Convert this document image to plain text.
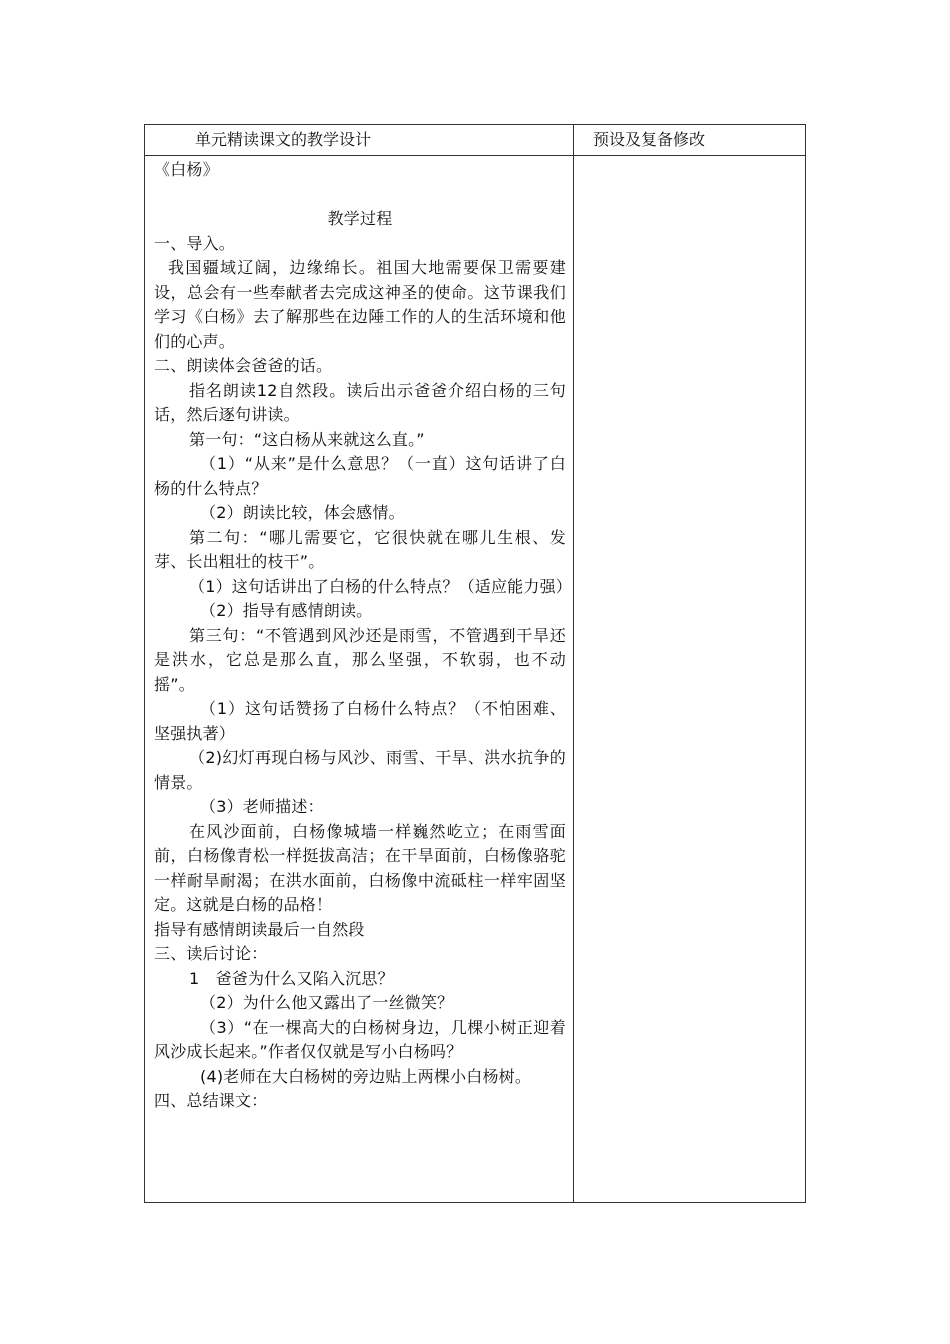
单元精读课文的教学设计	预设及复备修改

《白杨》

教学过程

一、导入。

我国疆域辽阔，边缘绵长。祖国大地需要保卫需要建设，总会有一些奉献者去完成这神圣的使命。这节课我们学习《白杨》去了解那些在边陲工作的人的生活环境和他们的心声。

二、朗读体会爸爸的话。

指名朗读12自然段。读后出示爸爸介绍白杨的三句话，然后逐句讲读。

第一句：“这白杨从来就这么直。”

（1）“从来”是什么意思？（一直）这句话讲了白杨的什么特点？

（2）朗读比较，体会感情。

第二句：“哪儿需要它，它很快就在哪儿生根、发芽、长出粗壮的枝干”。

（1）这句话讲出了白杨的什么特点？（适应能力强）

（2）指导有感情朗读。

第三句：“不管遇到风沙还是雨雪，不管遇到干旱还是洪水，它总是那么直，那么坚强，不软弱，也不动摇”。

（1）这句话赞扬了白杨什么特点？（不怕困难、坚强执著）

（2)幻灯再现白杨与风沙、雨雪、干旱、洪水抗争的情景。

（3）老师描述：

在风沙面前，白杨像城墙一样巍然屹立；在雨雪面前，白杨像青松一样挺拔高洁；在干旱面前，白杨像骆驼一样耐旱耐渴；在洪水面前，白杨像中流砥柱一样牢固坚定。这就是白杨的品格！

指导有感情朗读最后一自然段

三、读后讨论：

1　爸爸为什么又陷入沉思？

（2）为什么他又露出了一丝微笑？

（3）“在一棵高大的白杨树身边，几棵小树正迎着风沙成长起来。”作者仅仅就是写小白杨吗？

(4)老师在大白杨树的旁边贴上两棵小白杨树。

四、总结课文：
